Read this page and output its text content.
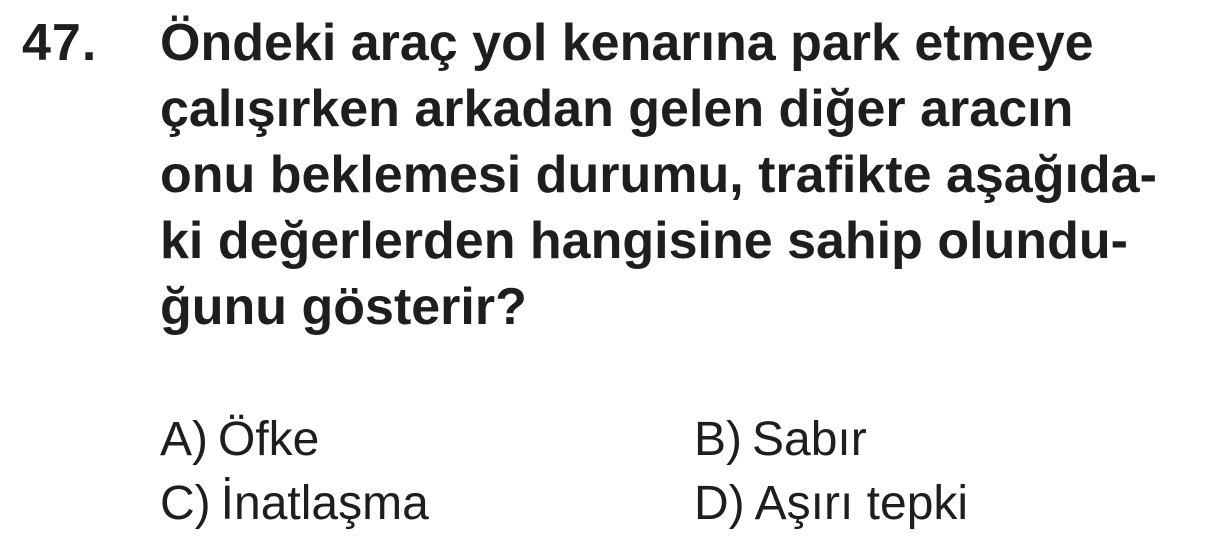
47. Öndeki araç yol kenarına park etmeye
çalışırken arkadan gelen diğer aracın
onu beklemesi durumu, trafikte aşağıda-
ki değerlerden hangisine sahip olundu-
ğunu gösterir?

A) Öfke	B) Sabır
C) İnatlaşma	D) Aşırı tepki
